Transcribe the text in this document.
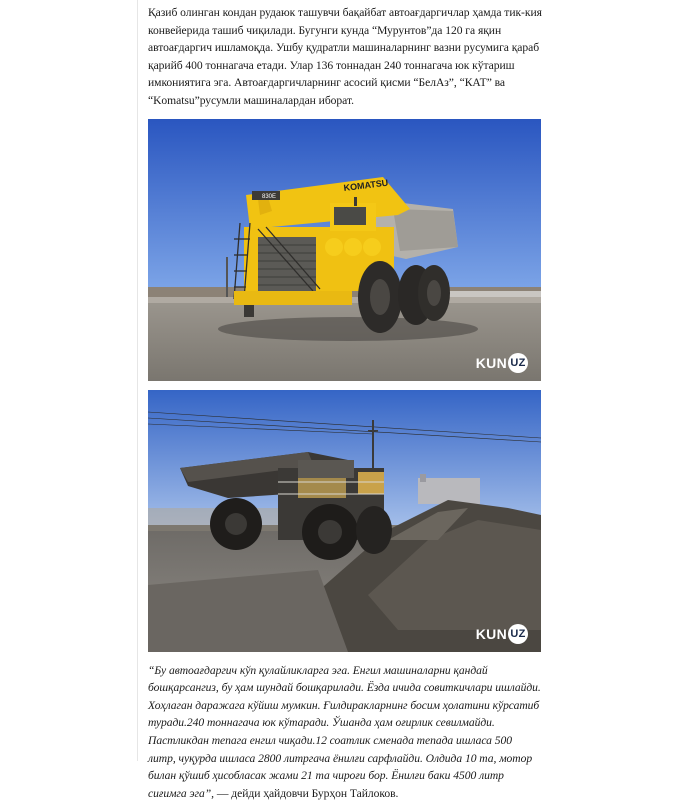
Қазиб олинган кондан рудаюк ташувчи бақайбат автоағдаргичлар ҳамда тик-кия конвейерида ташиб чиқилади. Бугунги кунда “Мурунтов”да 120 га яқин автоағдаргич ишламоқда. Ушбу қудратли машиналарнинг вазни русумига қараб қарийб 400 тоннагача етади. Улар 136 тоннадан 240 тоннагача юк кўтариш имкониятига эга. Автоағдаргичларнинг асосий қисми “БелАз”, “КАТ” ва “Komatsu”русумли машиналардан иборат.

KOMATSU
830E
KUN UZ
KUN UZ

“Бу автоағдаргич кўп қулайликларга эга. Енгил машиналарни қандай бошқарсангиз, бу ҳам шундай бошқарилади. Ёзда ичида совиткичлари ишлайди. Хоҳлаган даражага кўйиш мумкин. Ғилдиракларнинг босим ҳолатини кўрсатиб туради.240 тоннагача юк кўтаради. Ўшанда ҳам оғирлик севилмайди. Пастликдан тепага енгил чиқади.12 соатлик сменада тепада ишласа 500 литр, чуқурда ишласа 2800 литргача ёнилғи сарфлайди. Олдида 10 та, мотор билан қўшиб ҳисобласак жами 21 та чироғи бор. Ёнилғи баки 4500 литр сиғимга эга”, — дейди ҳайдовчи Бурҳон Тайлоков.
